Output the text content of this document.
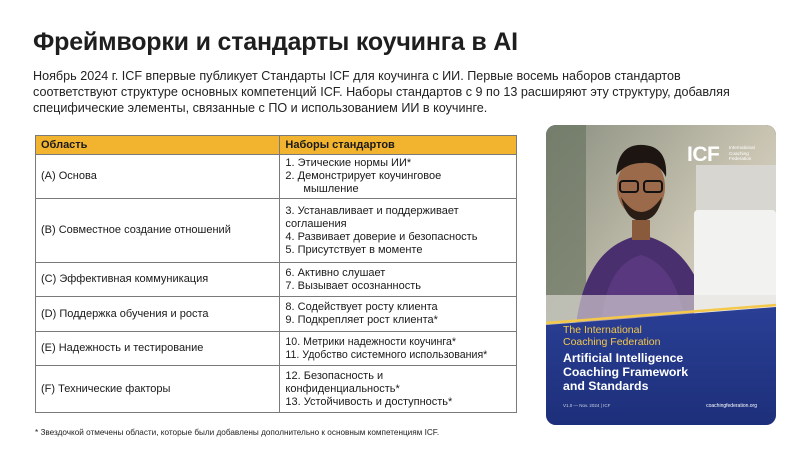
Фреймворки и стандарты коучинга в AI
Ноябрь 2024 г. ICF впервые публикует Стандарты ICF для коучинга с ИИ. Первые восемь наборов стандартов соответствуют структуре основных компетенций ICF. Наборы стандартов с 9 по 13 расширяют эту структуру, добавляя специфические элементы, связанные с ПО и использованием ИИ в коучинге.
Область	Наборы стандартов
(A) Основа	1. Этические нормы ИИ*
2. Демонстрирует коучинговое
мышление

(B) Совместное создание отношений	3. Устанавливает и поддерживает
соглашения
4. Развивает доверие и безопасность
5. Присутствует в моменте

(C) Эффективная коммуникация	6. Активно слушает
7. Вызывает осознанность

(D) Поддержка обучения и роста	8. Содействует росту клиента
9. Подкрепляет рост клиента*

(E) Надежность и тестирование	10. Метрики надежности коучинга*
11. Удобство системного использования*

(F) Технические факторы	12. Безопасность и
конфиденциальность*
13. Устойчивость и доступность*
* Звездочкой отмечены области, которые были добавлены дополнительно к основным компетенциям ICF.
ICF International
Coaching
Federation
The International
Coaching Federation
Artificial Intelligence
Coaching Framework
and Standards
V1.0 — Nov. 2024 | ICF	coachingfederation.org
